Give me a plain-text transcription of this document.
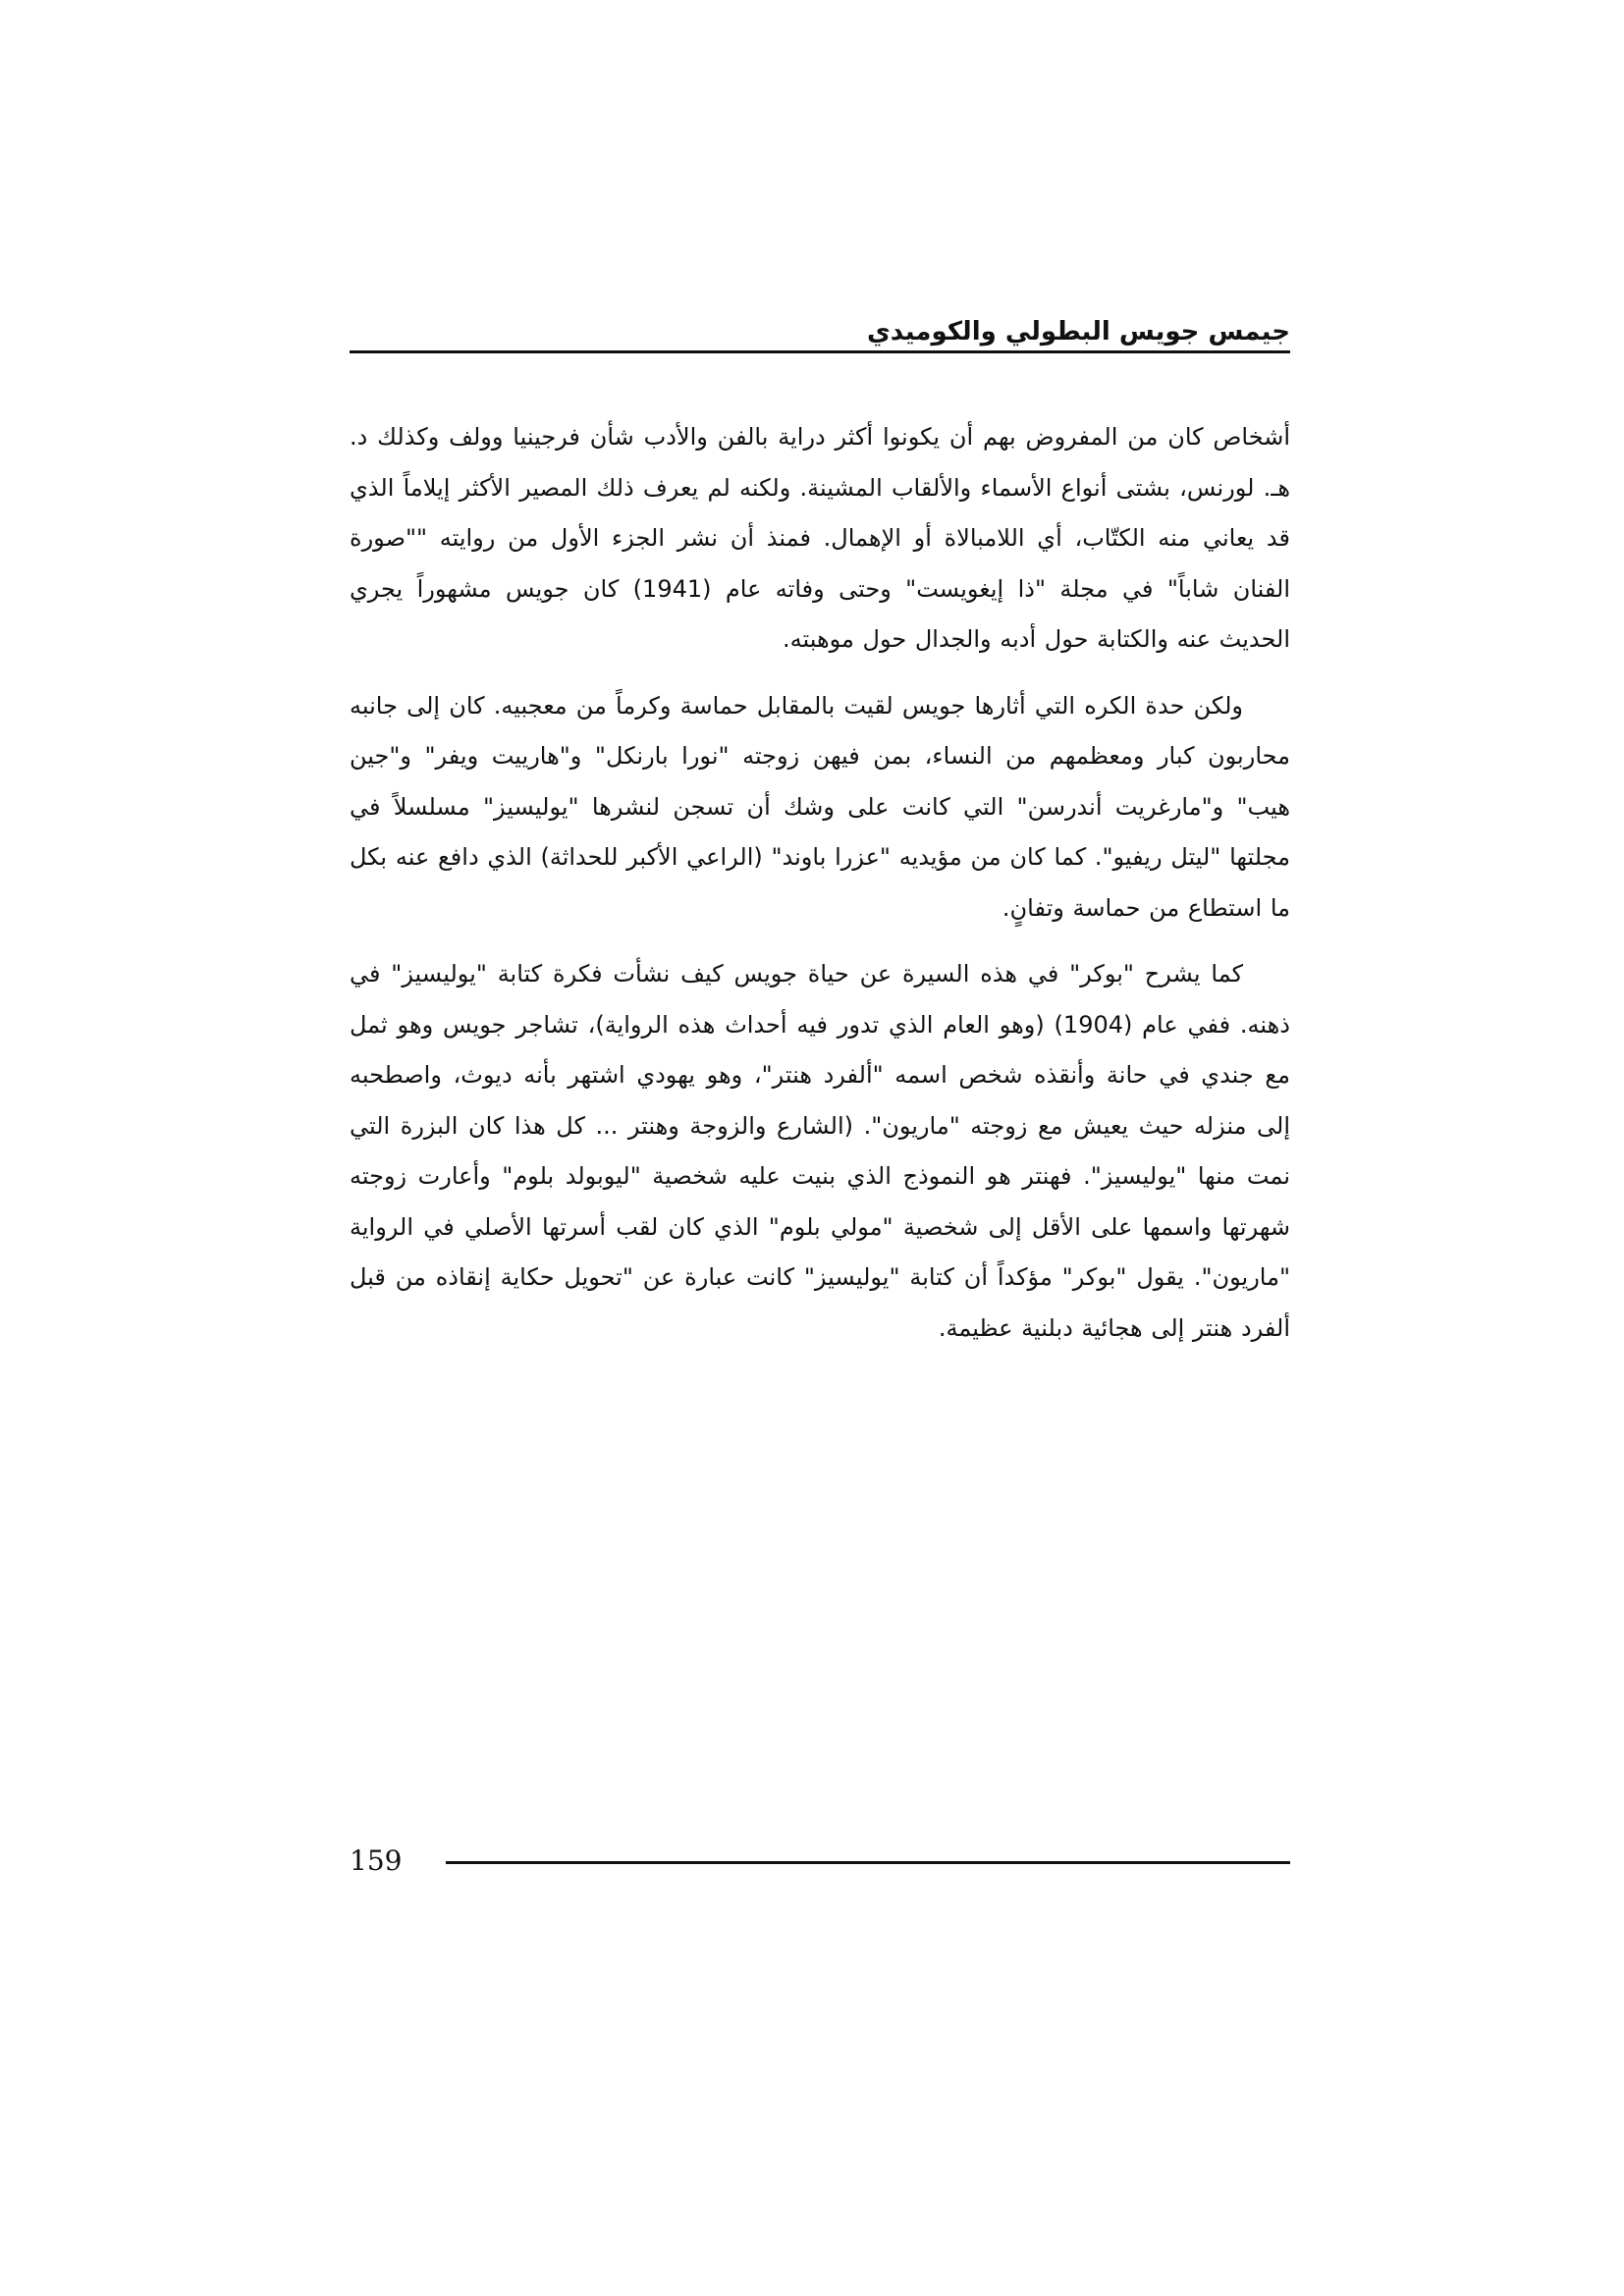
جيمس جويس البطولي والكوميدي

أشخاص كان من المفروض بهم أن يكونوا أكثر دراية بالفن والأدب شأن فرجينيا وولف وكذلك د. هـ. لورنس، بشتى أنواع الأسماء والألقاب المشينة. ولكنه لم يعرف ذلك المصير الأكثر إيلاماً الذي قد يعاني منه الكتّاب، أي اللامبالاة أو الإهمال. فمنذ أن نشر الجزء الأول من روايته ""صورة الفنان شاباً" في مجلة "ذا إيغويست" وحتى وفاته عام (1941) كان جويس مشهوراً يجري الحديث عنه والكتابة حول أدبه والجدال حول موهبته.

ولكن حدة الكره التي أثارها جويس لقيت بالمقابل حماسة وكرماً من معجبيه. كان إلى جانبه محاربون كبار ومعظمهم من النساء، بمن فيهن زوجته "نورا بارنكل" و"هارييت ويفر" و"جين هيب" و"مارغريت أندرسن" التي كانت على وشك أن تسجن لنشرها "يوليسيز" مسلسلاً في مجلتها "ليتل ريفيو". كما كان من مؤيديه "عزرا باوند" (الراعي الأكبر للحداثة) الذي دافع عنه بكل ما استطاع من حماسة وتفانٍ.

كما يشرح "بوكر" في هذه السيرة عن حياة جويس كيف نشأت فكرة كتابة "يوليسيز" في ذهنه. ففي عام (1904) (وهو العام الذي تدور فيه أحداث هذه الرواية)، تشاجر جويس وهو ثمل مع جندي في حانة وأنقذه شخص اسمه "ألفرد هنتر"، وهو يهودي اشتهر بأنه ديوث، واصطحبه إلى منزله حيث يعيش مع زوجته "ماريون". (الشارع والزوجة وهنتر ... كل هذا كان البزرة التي نمت منها "يوليسيز". فهنتر هو النموذج الذي بنيت عليه شخصية "ليوبولد بلوم" وأعارت زوجته شهرتها واسمها على الأقل إلى شخصية "مولي بلوم" الذي كان لقب أسرتها الأصلي في الرواية "ماريون". يقول "بوكر" مؤكداً أن كتابة "يوليسيز" كانت عبارة عن "تحويل حكاية إنقاذه من قبل ألفرد هنتر إلى هجائية دبلنية عظيمة.

159
